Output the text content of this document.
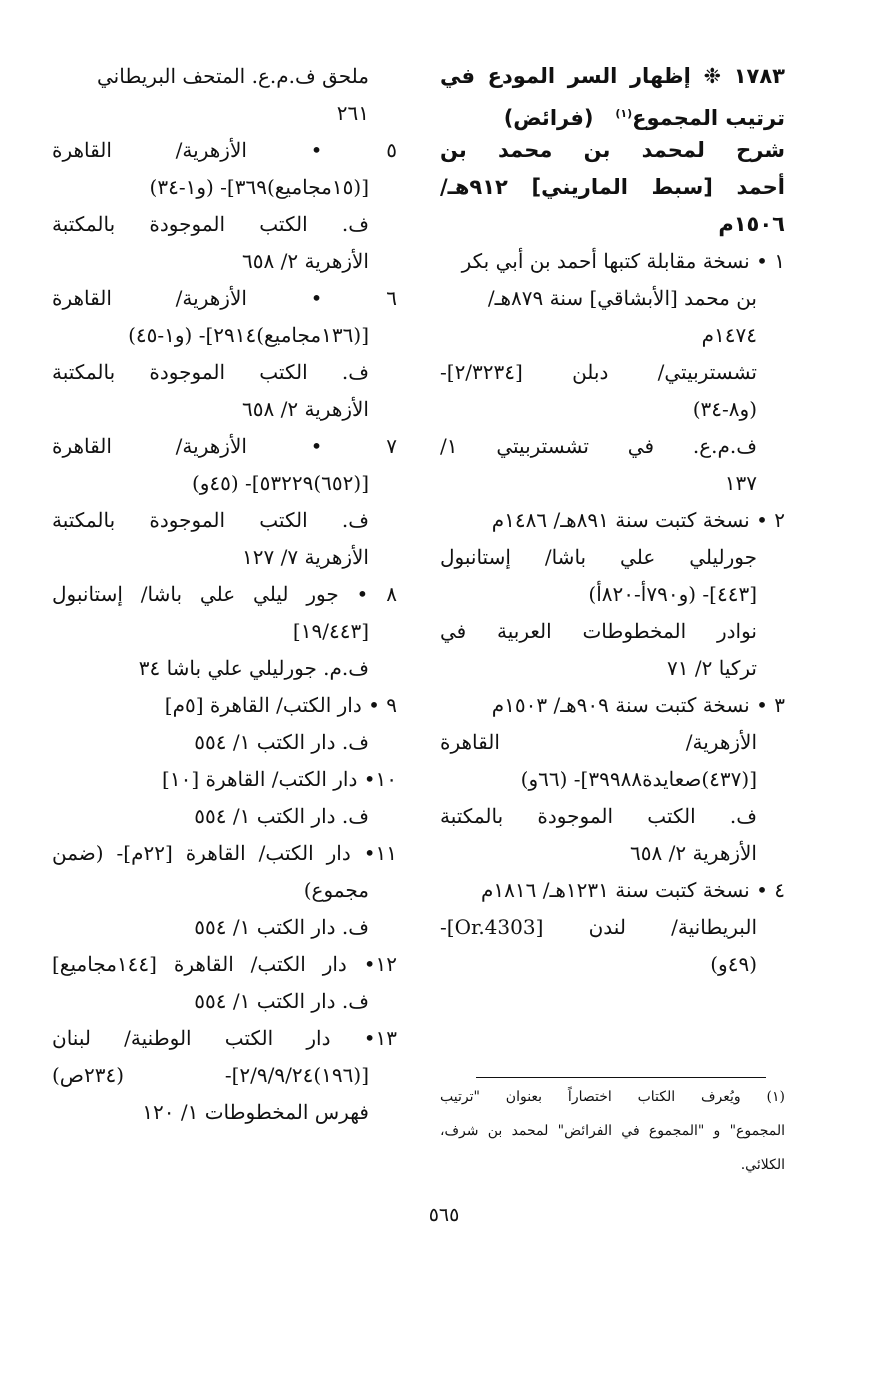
١٧٨٣ ❉ إظهار السر المودع في
ترتيب المجموع$^{(١)}$   (فرائض)
شرح لمحمد بن محمد بن
أحمد [سبط الماريني] ٩١٢هـ/
١٥٠٦م
١ • نسخة مقابلة كتبها أحمد بن أبي بكر
بن محمد [الأبشاقي] سنة ٨٧٩هـ/
١٤٧٤م
تشستربيتي/ دبلن [٢/٣٢٣٤]-
(و٨-٣٤)
ف.م.ع. في تشستربيتي ١/
١٣٧
٢ • نسخة كتبت سنة ٨٩١هـ/ ١٤٨٦م
جورليلي علي باشا/ إستانبول
[٤٤٣]- (و٧٩٠أ-٨٢٠أ)
نوادر المخطوطات العربية في
تركيا ٢/ ٧١
٣ • نسخة كتبت سنة ٩٠٩هـ/ ١٥٠٣م
الأزهرية/ القاهرة
[(٤٣٧)صعايدة٣٩٩٨٨]- (٦٦و)
ف. الكتب الموجودة بالمكتبة
الأزهرية ٢/ ٦٥٨
٤ • نسخة كتبت سنة ١٢٣١هـ/ ١٨١٦م
البريطانية/ لندن [Or.4303]-
(٤٩و)
ملحق ف.م.ع. المتحف البريطاني
٢٦١
٥ • الأزهرية/ القاهرة
[(١٥مجاميع)٣٦٩]- (و١-٣٤)
ف. الكتب الموجودة بالمكتبة
الأزهرية ٢/ ٦٥٨
٦ • الأزهرية/ القاهرة
[(١٣٦مجاميع)٢٩١٤]- (و١-٤٥)
ف. الكتب الموجودة بالمكتبة
الأزهرية ٢/ ٦٥٨
٧ • الأزهرية/ القاهرة
[(٦٥٢)٥٣٢٢٩]- (٤٥و)
ف. الكتب الموجودة بالمكتبة
الأزهرية ٧/ ١٢٧
٨ • جور ليلي علي باشا/ إستانبول
[١٩/٤٤٣]
ف.م. جورليلي علي باشا ٣٤
٩ • دار الكتب/ القاهرة [٥م]
ف. دار الكتب ١/ ٥٥٤
١٠• دار الكتب/ القاهرة [١٠]
ف. دار الكتب ١/ ٥٥٤
١١• دار الكتب/ القاهرة [٢٢م]- (ضمن
مجموع)
ف. دار الكتب ١/ ٥٥٤
١٢• دار الكتب/ القاهرة [١٤٤مجاميع]
ف. دار الكتب ١/ ٥٥٤
١٣• دار الكتب الوطنية/ لبنان
[(١٩٦)٢/٩/٩/٢٤]- (٢٣٤ص)
فهرس المخطوطات ١/ ١٢٠
(١) ويُعرف الكتاب اختصاراً بعنوان "ترتيب
المجموع" و "المجموع في الفرائض" لمحمد بن شرف،
الكلائي.
٥٦٥
